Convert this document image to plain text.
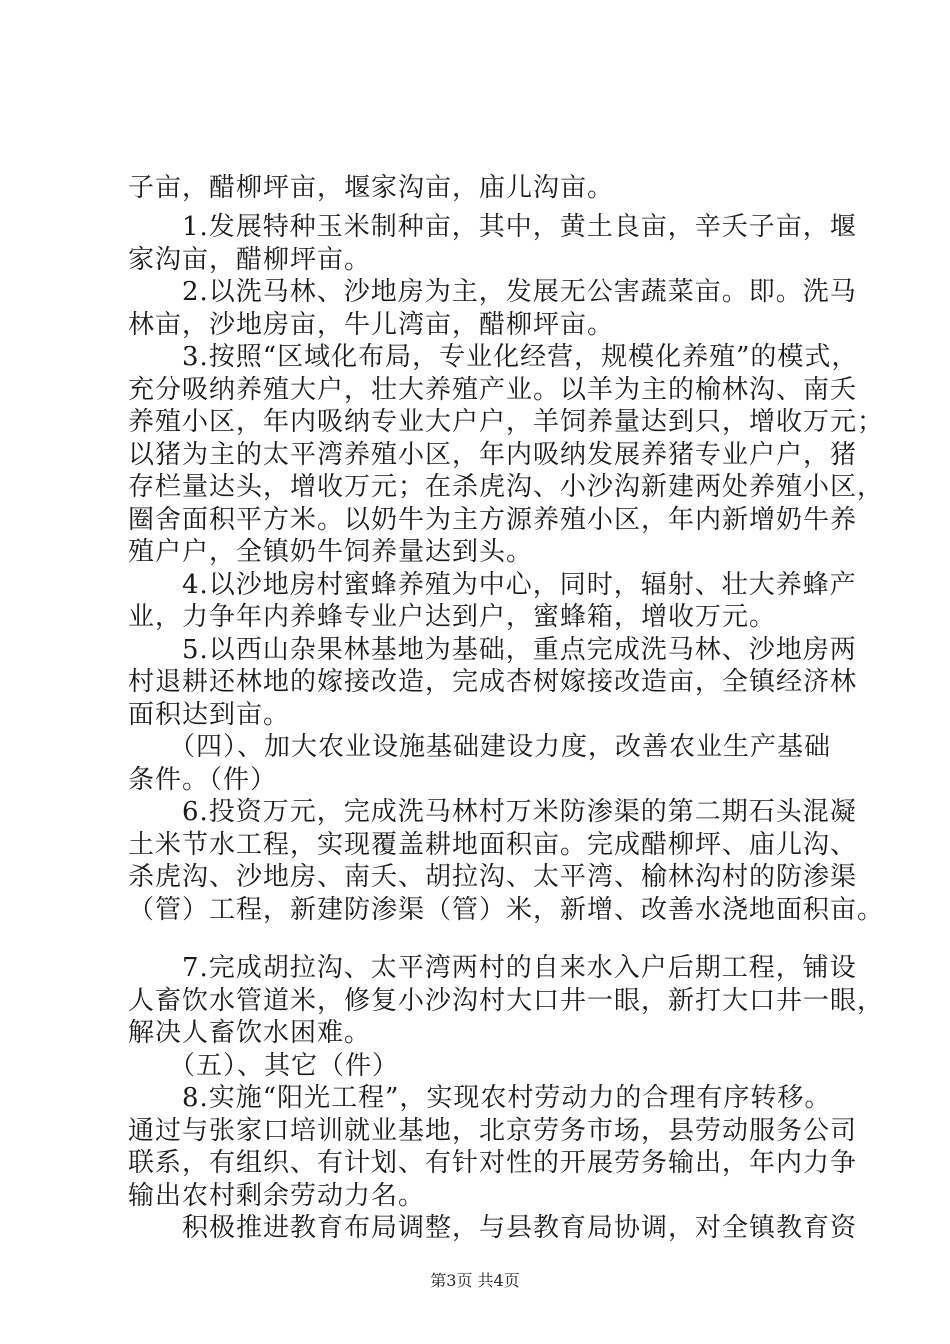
子亩，醋柳坪亩，堰家沟亩，庙儿沟亩。
　　1.发展特种玉米制种亩，其中，黄土良亩，辛夭子亩，堰
家沟亩，醋柳坪亩。
　　2.以洗马林、沙地房为主，发展无公害蔬菜亩。即。洗马
林亩，沙地房亩，牛儿湾亩，醋柳坪亩。
　　3.按照“区域化布局，专业化经营，规模化养殖”的模式，
充分吸纳养殖大户，壮大养殖产业。以羊为主的榆林沟、南夭
养殖小区，年内吸纳专业大户户，羊饲养量达到只，增收万元；
以猪为主的太平湾养殖小区，年内吸纳发展养猪专业户户，猪
存栏量达头，增收万元；在杀虎沟、小沙沟新建两处养殖小区，
圈舍面积平方米。以奶牛为主方源养殖小区，年内新增奶牛养
殖户户，全镇奶牛饲养量达到头。
　　4.以沙地房村蜜蜂养殖为中心，同时，辐射、壮大养蜂产
业，力争年内养蜂专业户达到户，蜜蜂箱，增收万元。
　　5.以西山杂果林基地为基础，重点完成洗马林、沙地房两
村退耕还林地的嫁接改造，完成杏树嫁接改造亩，全镇经济林
面积达到亩。
　　（四）、加大农业设施基础建设力度，改善农业生产基础
条件。（件）
　　6.投资万元，完成洗马林村万米防渗渠的第二期石头混凝
土米节水工程，实现覆盖耕地面积亩。完成醋柳坪、庙儿沟、
杀虎沟、沙地房、南夭、胡拉沟、太平湾、榆林沟村的防渗渠
（管）工程，新建防渗渠（管）米，新增、改善水浇地面积亩。
　　7.完成胡拉沟、太平湾两村的自来水入户后期工程，铺设
人畜饮水管道米，修复小沙沟村大口井一眼，新打大口井一眼，
解决人畜饮水困难。
　　（五）、其它（件）
　　8.实施“阳光工程”，实现农村劳动力的合理有序转移。
通过与张家口培训就业基地，北京劳务市场，县劳动服务公司
联系，有组织、有计划、有针对性的开展劳务输出，年内力争
输出农村剩余劳动力名。
　　积极推进教育布局调整，与县教育局协调，对全镇教育资
第3页 共4页
